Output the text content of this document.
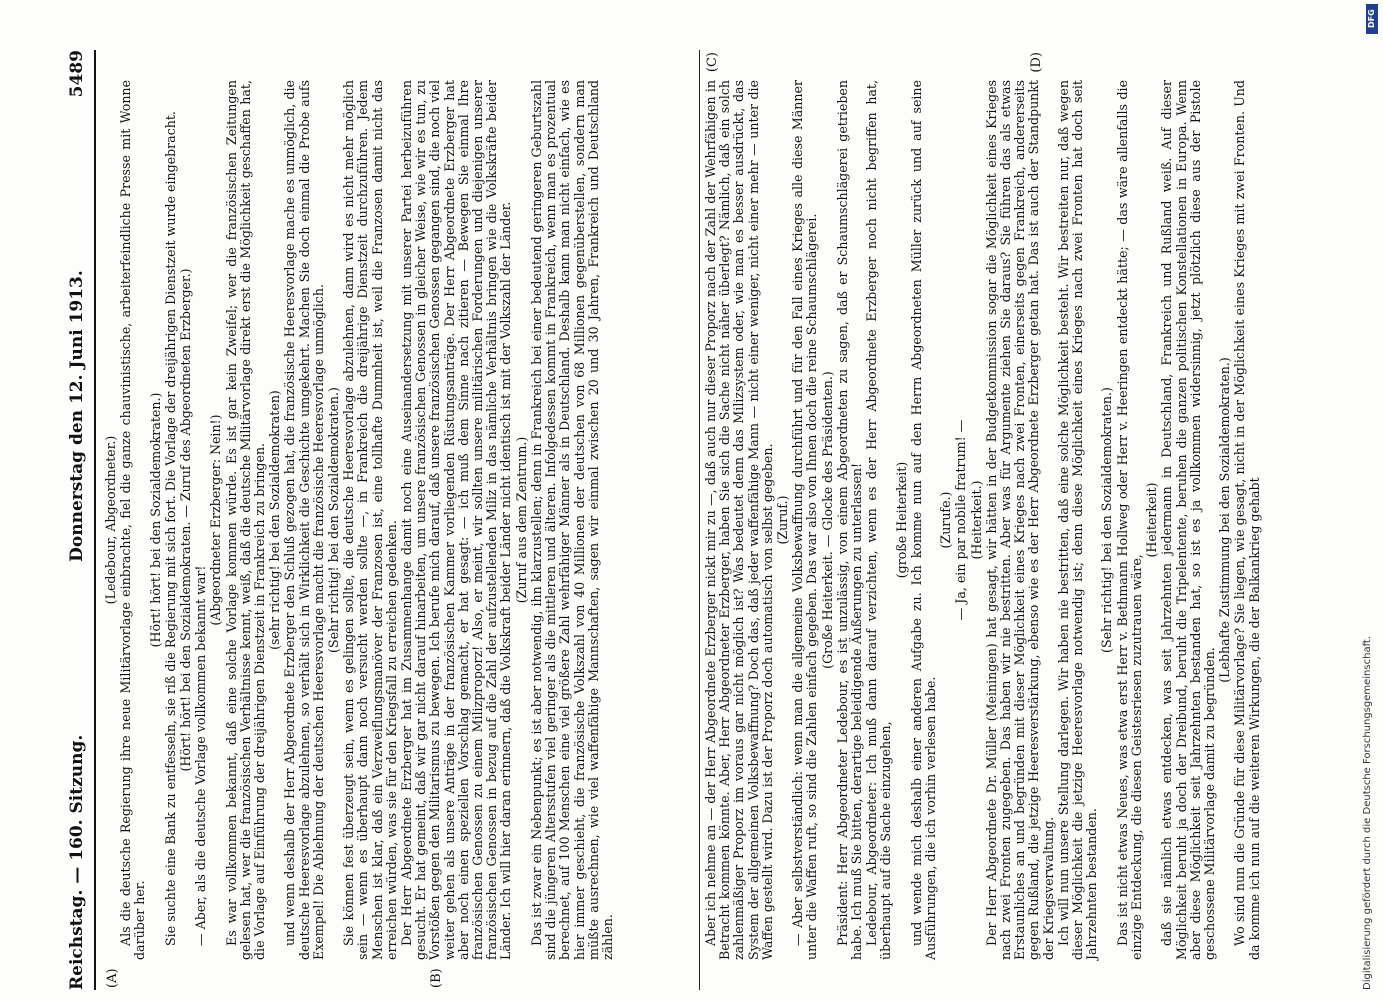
Reichstag. — 160. Sitzung.
Donnerstag den 12. Juni 1913.
5489
(A)	(B)

(Ledebour, Abgeordneter.) Als die deutsche Regierung ihre neue Militärvorlage einbrachte, fiel die ganze chauvinistische, arbeiterfeindliche Presse mit Wonne darüber her.

(Hört! hört! bei den Sozialdemokraten.) Sie suchte eine Bank zu entfesseln, sie riß die Regierung mit sich fort. Die Vorlage der dreijährigen Dienstzeit wurde eingebracht. (Hört! hört! bei den Sozialdemokraten. — Zuruf des Abgeordneten Erzberger.) — Aber, als die deutsche Vorlage vollkommen bekannt war!

(Abgeordneter Erzberger: Nein!) Es war vollkommen bekannt, daß eine solche Vorlage kommen würde. Es ist gar kein Zweifel; wer die französischen Zeitungen gelesen hat, wer die französischen Verhältnisse kennt, weiß, daß die deutsche Militärvorlage direkt erst die Möglichkeit geschaffen hat, die Vorlage auf Einführung der dreijährigen Dienstzeit in Frankreich zu bringen. (sehr richtig! bei den Sozialdemokraten) und wenn deshalb der Herr Abgeordnete Erzberger den Schluß gezogen hat, die französische Heeresvorlage mache es unmöglich, die deutsche Heeresvorlage abzulehnen, so verhält sich in Wirklichkeit die Geschichte umgekehrt. Machen Sie doch einmal die Probe aufs Exempel! Die Ablehnung der deutschen Heeresvorlage macht die französische Heeresvorlage unmöglich. (Sehr richtig! bei den Sozialdemokraten.) Sie können fest überzeugt sein, wenn es gelingen sollte, die deutsche Heeresvorlage abzulehnen, dann wird es nicht mehr möglich sein — wenn es überhaupt dann noch versucht werden sollte —, in Frankreich die dreijährige Dienstzeit durchzuführen. Jedem Menschen ist klar, daß ein Verzweiflungsmanöver der Franzosen ist, eine tollhafte Dummheit ist, weil die Franzosen damit nicht das erreichen würden, was sie für den Kriegsfall zu erreichen gedenken. Der Herr Abgeordnete Erzberger hat im Zusammenhange damit noch eine Auseinandersetzung mit unserer Partei herbeizuführen gesucht. Er hat gemeint, daß wir gar nicht darauf hinarbeiten, um unsere französischen Genossen in gleicher Weise, wie wir es tun, zu Vorstößen gegen den Militarismus zu bewegen. Ich berufe mich darauf, daß unsere französischen Genossen gegangen sind, die noch viel weiter gehen als unsere Anträge in der französischen Kammer vorliegenden Rüstungsanträge. Der Herr Abgeordnete Erzberger hat aber noch einen speziellen Vorschlag gemacht, er hat gesagt: — ich muß dem Sinne nach zitieren — Bewegen Sie einmal Ihre französischen Genossen zu einem Milizproporz! Also, er meint, wir sollten unsere militärischen Forderungen und diejenigen unserer französischen Genossen in bezug auf die Zahl der aufzustellenden Miliz in das nämliche Verhältnis bringen wie die Volkskräfte beider Länder. Ich will hier daran erinnern, daß die Volkskraft beider Länder nicht identisch ist mit der Volkszahl der Länder. (Zuruf aus dem Zentrum.) Das ist zwar ein Nebenpunkt; es ist aber notwendig, ihn klarzustellen; denn in Frankreich bei einer bedeutend geringeren Geburtszahl sind die jüngeren Altersstufen viel geringer als die mittleren und älteren. Infolgedessen kommt in Frankreich, wenn man es prozentual berechnet, auf 100 Menschen eine viel größere Zahl wehrfähiger Männer als in Deutschland. Deshalb kann man nicht einfach, wie es hier immer geschieht, die französische Volkszahl von 40 Millionen der deutschen von 68 Millionen gegenüberstellen, sondern man müßte ausrechnen, wie viel waffenfähige Mannschaften, sagen wir einmal zwischen 20 und 30 Jahren, Frankreich und Deutschland zählen.

(C)	(D)

Aber ich nehme an — der Herr Abgeordnete Erzberger nickt mir zu —, daß auch nur dieser Proporz nach der Zahl der Wehrfähigen in Betracht kommen könnte. Aber, Herr Abgeordneter Erzberger, haben Sie sich die Sache nicht näher überlegt? Nämlich, daß ein solch zahlenmäßiger Proporz im voraus gar nicht möglich ist? Was bedeutet denn das Milizsystem oder, wie man es besser ausdrückt, das System der allgemeinen Volksbewaffnung? Doch das, daß jeder waffenfähige Mann — nicht einer weniger, nicht einer mehr — unter die Waffen gestellt wird. Dazu ist der Proporz doch automatisch von selbst gegeben. (Zuruf.) — Aber selbstverständlich: wenn man die allgemeine Volksbewaffnung durchführt und für den Fall eines Krieges alle diese Männer unter die Waffen ruft, so sind die Zahlen einfach gegeben. Das war also von Ihnen doch die reine Schaumschlägerei. (Große Heiterkeit. — Glocke des Präsidenten.) Präsident: Herr Abgeordneter Ledebour, es ist unzulässig, von einem Abgeordneten zu sagen, daß er Schaumschlägerei getrieben habe. Ich muß Sie bitten, derartige beleidigende Äußerungen zu unterlassen! Ledebour, Abgeordneter: Ich muß dann darauf verzichten, wenn es der Herr Abgeordnete Erzberger noch nicht begriffen hat, überhaupt auf die Sache einzugehen,

(große Heiterkeit) und wende mich deshalb einer anderen Aufgabe zu. Ich komme nun auf den Herrn Abgeordneten Müller zurück und auf seine Ausführungen, die ich vorhin verlesen habe.

(Zurufe.) — Ja, ein par nobile fratrum! — (Heiterkeit.) Der Herr Abgeordnete Dr. Müller (Meiningen) hat gesagt, wir hätten in der Budgetkommission sogar die Möglichkeit eines Krieges nach zwei Fronten zugegeben. Das haben wir nie bestritten. Aber was für Argumente ziehen Sie daraus? Sie führen das als etwas Erstaunliches an und begründen mit dieser Möglichkeit eines Krieges nach zwei Fronten, einerseits gegen Frankreich, andererseits gegen Rußland, die jetzige Heeresverstärkung, ebenso wie es der Herr Abgeordnete Erzberger getan hat. Das ist auch der Standpunkt der Kriegsverwaltung. Ich will nun unsere Stellung darlegen. Wir haben nie bestritten, daß eine solche Möglichkeit besteht. Wir bestreiten nur, daß wegen dieser Möglichkeit die jetzige Heeresvorlage notwendig ist; denn diese Möglichkeit eines Krieges nach zwei Fronten hat doch seit Jahrzehnten bestanden.

(Sehr richtig! bei den Sozialdemokraten.) Das ist nicht etwas Neues, was etwa erst Herr v. Bethmann Hollweg oder Herr v. Heeringen entdeckt hätte; — das wäre allenfalls die einzige Entdeckung, die diesen Geistesriesen zuzutrauen wäre,

(Heiterkeit) daß sie nämlich etwas entdecken, was seit Jahrzehnten jedermann in Deutschland, Frankreich und Rußland weiß. Auf dieser Möglichkeit beruht ja doch der Dreibund, beruht die Tripelentente, beruhen die ganzen politischen Konstellationen in Europa. Wenn aber diese Möglichkeit seit Jahrzehnten bestanden hat, so ist es ja vollkommen widersinnig, jetzt plötzlich diese aus der Pistole geschossene Militärvorlage damit zu begründen.

(Lebhafte Zustimmung bei den Sozialdemokraten.) Wo sind nun die Gründe für diese Militärvorlage? Sie liegen, wie gesagt, nicht in der Möglichkeit eines Krieges mit zwei Fronten. Und da komme ich nun auf die weiteren Wirkungen, die der Balkankrieg gehabt	Digitalisierung gefördert durch die Deutsche Forschungsgemeinschaft.
DFG
